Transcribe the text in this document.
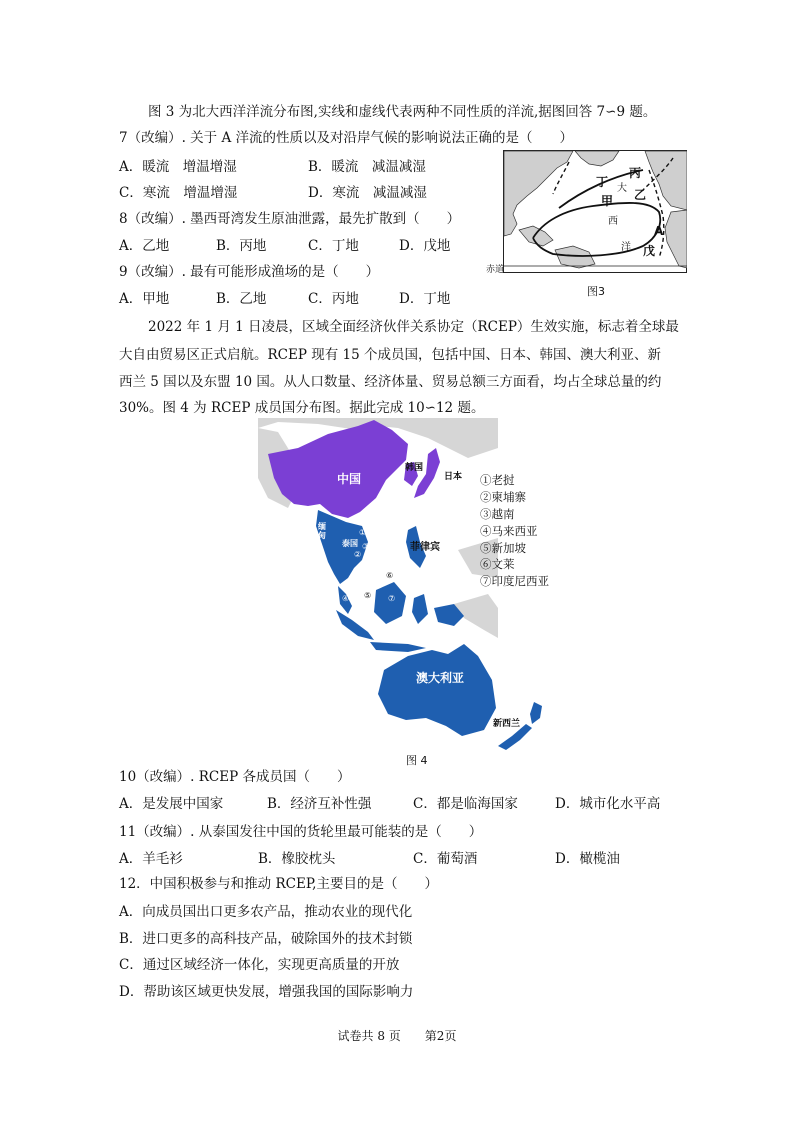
图 3 为北大西洋洋流分布图,实线和虚线代表两种不同性质的洋流,据图回答 7∽9 题。
7（改编）. 关于 A 洋流的性质以及对沿岸气候的影响说法正确的是（　　）
A．暖流　增温增湿	B．暖流　减温减湿
C．寒流　增温增湿	D．寒流　减温减湿
8（改编）. 墨西哥湾发生原油泄露，最先扩散到（　　）
A．乙地	B．丙地	C．丁地	D．戊地
9（改编）. 最有可能形成渔场的是（　　）
A．甲地	B．乙地	C．丙地	D．丁地
丙
丁 大 乙
甲
西
洋
A
戊
赤道
图3
2022 年 1 月 1 日凌晨，区域全面经济伙伴关系协定（RCEP）生效实施，标志着全球最
大自由贸易区正式启航。RCEP 现有 15 个成员国，包括中国、日本、韩国、澳大利亚、新
西兰 5 国以及东盟 10 国。从人口数量、经济体量、贸易总额三方面看，均占全球总量的约
30%。图 4 为 RCEP 成员国分布图。据此完成 10∽12 题。
中国
韩国
日本
缅甸
泰国	菲律宾
澳大利亚
①
②
③
④ ⑤
⑥
⑦
新西兰
①老挝
②柬埔寨
③越南
④马来西亚
⑤新加坡
⑥文莱
⑦印度尼西亚
图 4
10（改编）. RCEP 各成员国（　　）
A．是发展中国家	B．经济互补性强	C．都是临海国家	D．城市化水平高
11（改编）. 从泰国发往中国的货轮里最可能装的是（　　）
A．羊毛衫	B．橡胶枕头	C．葡萄酒	D．橄榄油
12．中国积极参与和推动 RCEP,主要目的是（　　）
A．向成员国出口更多农产品，推动农业的现代化
B．进口更多的高科技产品，破除国外的技术封锁
C．通过区域经济一体化，实现更高质量的开放
D．帮助该区域更快发展，增强我国的国际影响力
试卷共 8 页　　第2页
